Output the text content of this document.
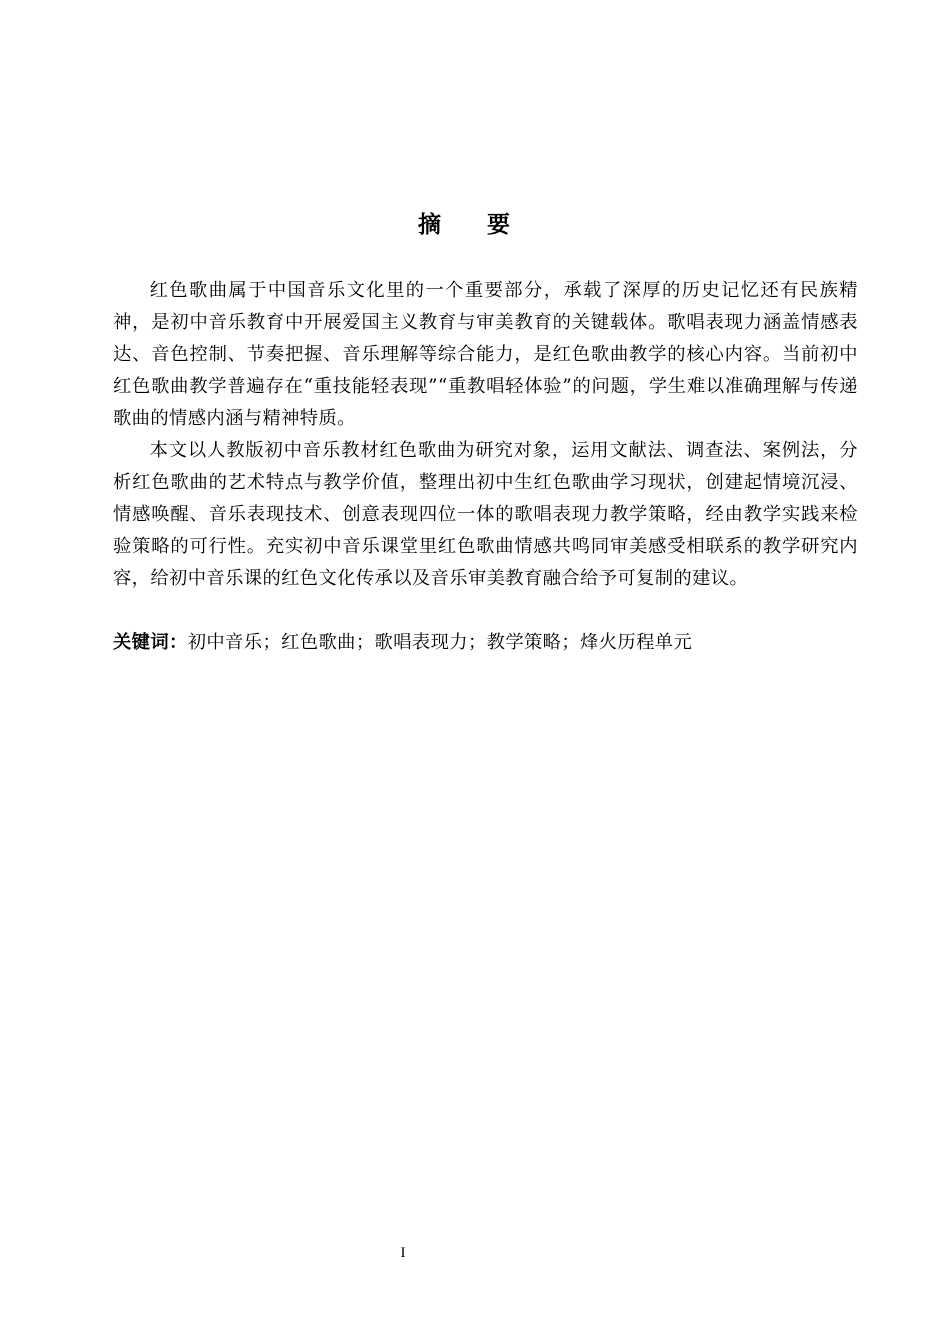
摘要

红色歌曲属于中国音乐文化里的一个重要部分，承载了深厚的历史记忆还有民族精神，是初中音乐教育中开展爱国主义教育与审美教育的关键载体。歌唱表现力涵盖情感表达、音色控制、节奏把握、音乐理解等综合能力，是红色歌曲教学的核心内容。当前初中红色歌曲教学普遍存在“重技能轻表现”“重教唱轻体验”的问题，学生难以准确理解与传递歌曲的情感内涵与精神特质。

本文以人教版初中音乐教材红色歌曲为研究对象，运用文献法、调查法、案例法，分析红色歌曲的艺术特点与教学价值，整理出初中生红色歌曲学习现状，创建起情境沉浸、情感唤醒、音乐表现技术、创意表现四位一体的歌唱表现力教学策略，经由教学实践来检验策略的可行性。充实初中音乐课堂里红色歌曲情感共鸣同审美感受相联系的教学研究内容，给初中音乐课的红色文化传承以及音乐审美教育融合给予可复制的建议。

关键词：初中音乐；红色歌曲；歌唱表现力；教学策略；烽火历程单元
I
